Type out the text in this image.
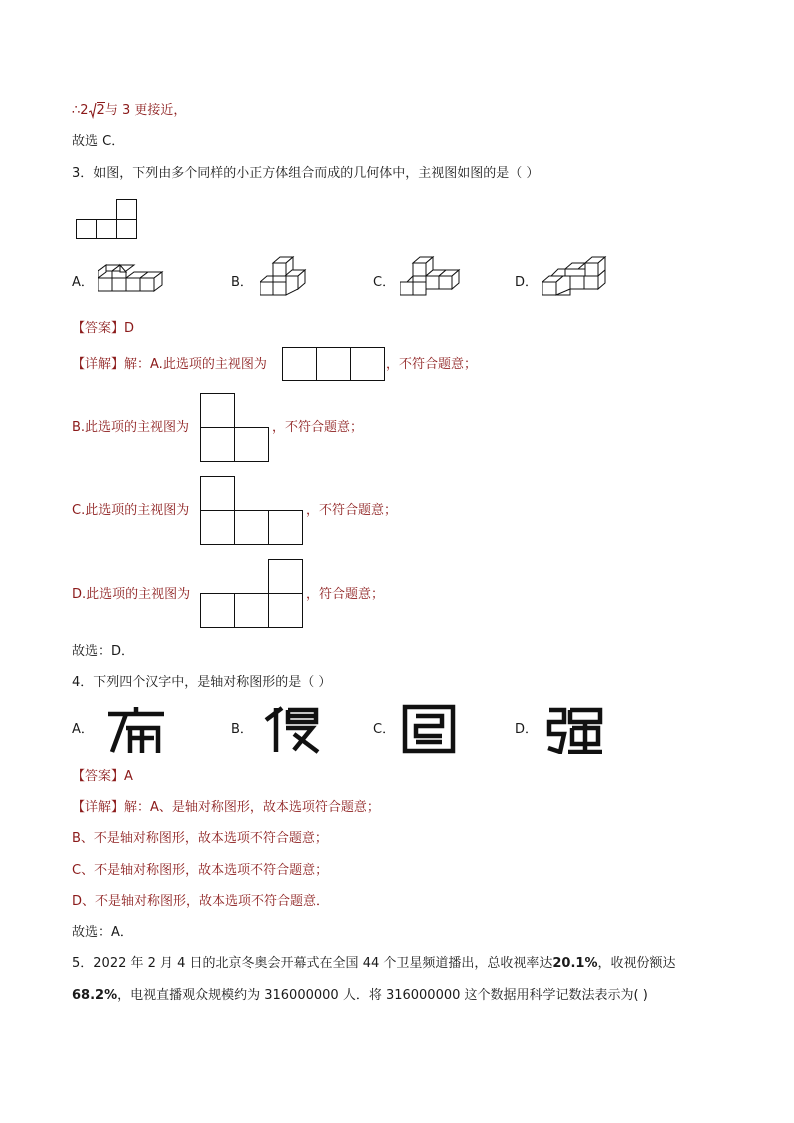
∴2 2与 3 更接近，
故选 C．
3．如图，下列由多个同样的小正方体组合而成的几何体中，主视图如图的是（ ）
A．	B．	C．	D．
【答案】D
【详解】解：A.此选项的主视图为	，不符合题意；
B.此选项的主视图为	，不符合题意；
C.此选项的主视图为	，不符合题意；
D.此选项的主视图为	，符合题意；
故选：D．
4．下列四个汉字中，是轴对称图形的是（ ）
A．	B．	C．	D．
【答案】A
【详解】解：A、是轴对称图形，故本选项符合题意；
B、不是轴对称图形，故本选项不符合题意；
C、不是轴对称图形，故本选项不符合题意；
D、不是轴对称图形，故本选项不符合题意．
故选：A．
5．2022 年 2 月 4 日的北京冬奥会开幕式在全国 44 个卫星频道播出，总收视率达20.1%，收视份额达
68.2%，电视直播观众规模约为 316000000 人．将 316000000 这个数据用科学记数法表示为( )
